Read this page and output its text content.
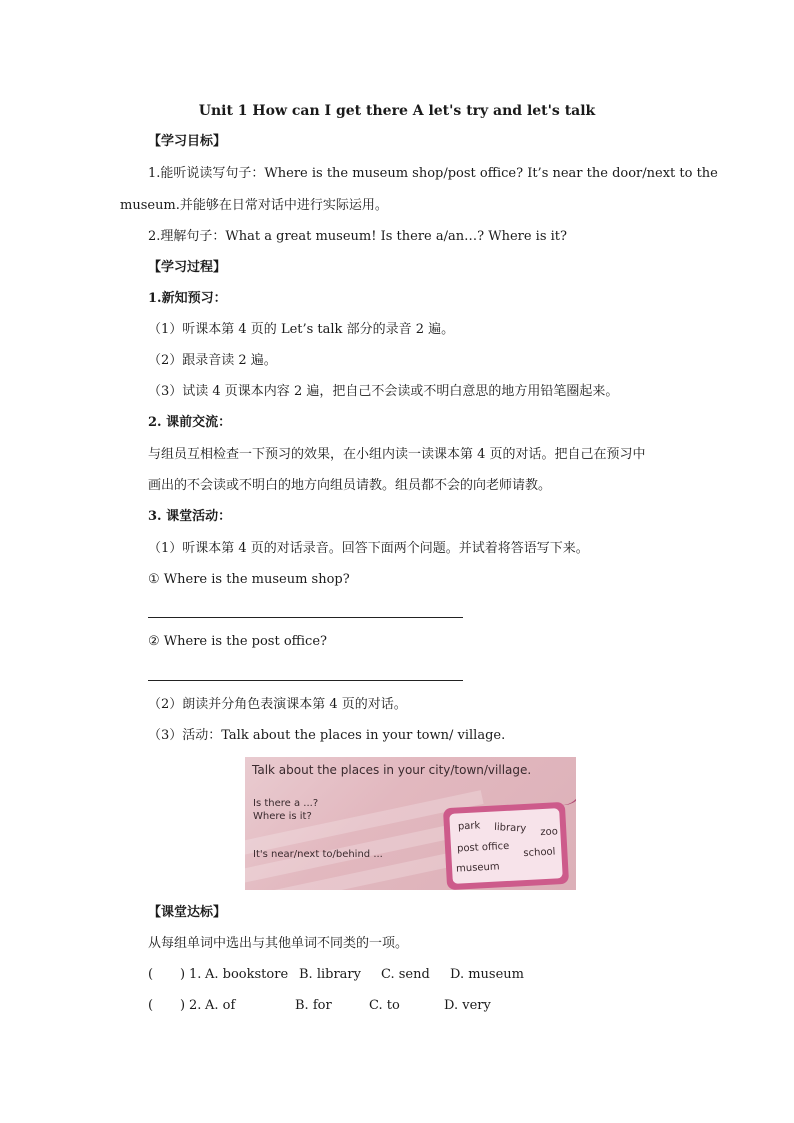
Unit 1 How can I get there A let's try and let's talk
【学习目标】
1.能听说读写句子：Where is the museum shop/post office? It’s near the door/next to the
museum.并能够在日常对话中进行实际运用。
2.理解句子：What a great museum! Is there a/an…? Where is it?
【学习过程】
1.新知预习：
（1）听课本第 4 页的 Let’s talk 部分的录音 2 遍。
（2）跟录音读 2 遍。
（3）试读 4 页课本内容 2 遍，把自己不会读或不明白意思的地方用铅笔圈起来。
2. 课前交流：
与组员互相检查一下预习的效果，在小组内读一读课本第 4 页的对话。把自己在预习中
画出的不会读或不明白的地方向组员请教。组员都不会的向老师请教。
3. 课堂活动：
（1）听课本第 4 页的对话录音。回答下面两个问题。并试着将答语写下来。
① Where is the museum shop?
② Where is the post office?
（2）朗读并分角色表演课本第 4 页的对话。
（3）活动：Talk about the places in your town/ village.
Talk about the places in your city/town/village.
Is there a ...?
Where is it?
It's near/next to/behind ...
park library zoo
post office school
museum
【课堂达标】
从每组单词中选出与其他单词不同类的一项。
( ) 1. A. bookstore B. library C. send D. museum
( ) 2. A. of	B. for	C. to	D. very
